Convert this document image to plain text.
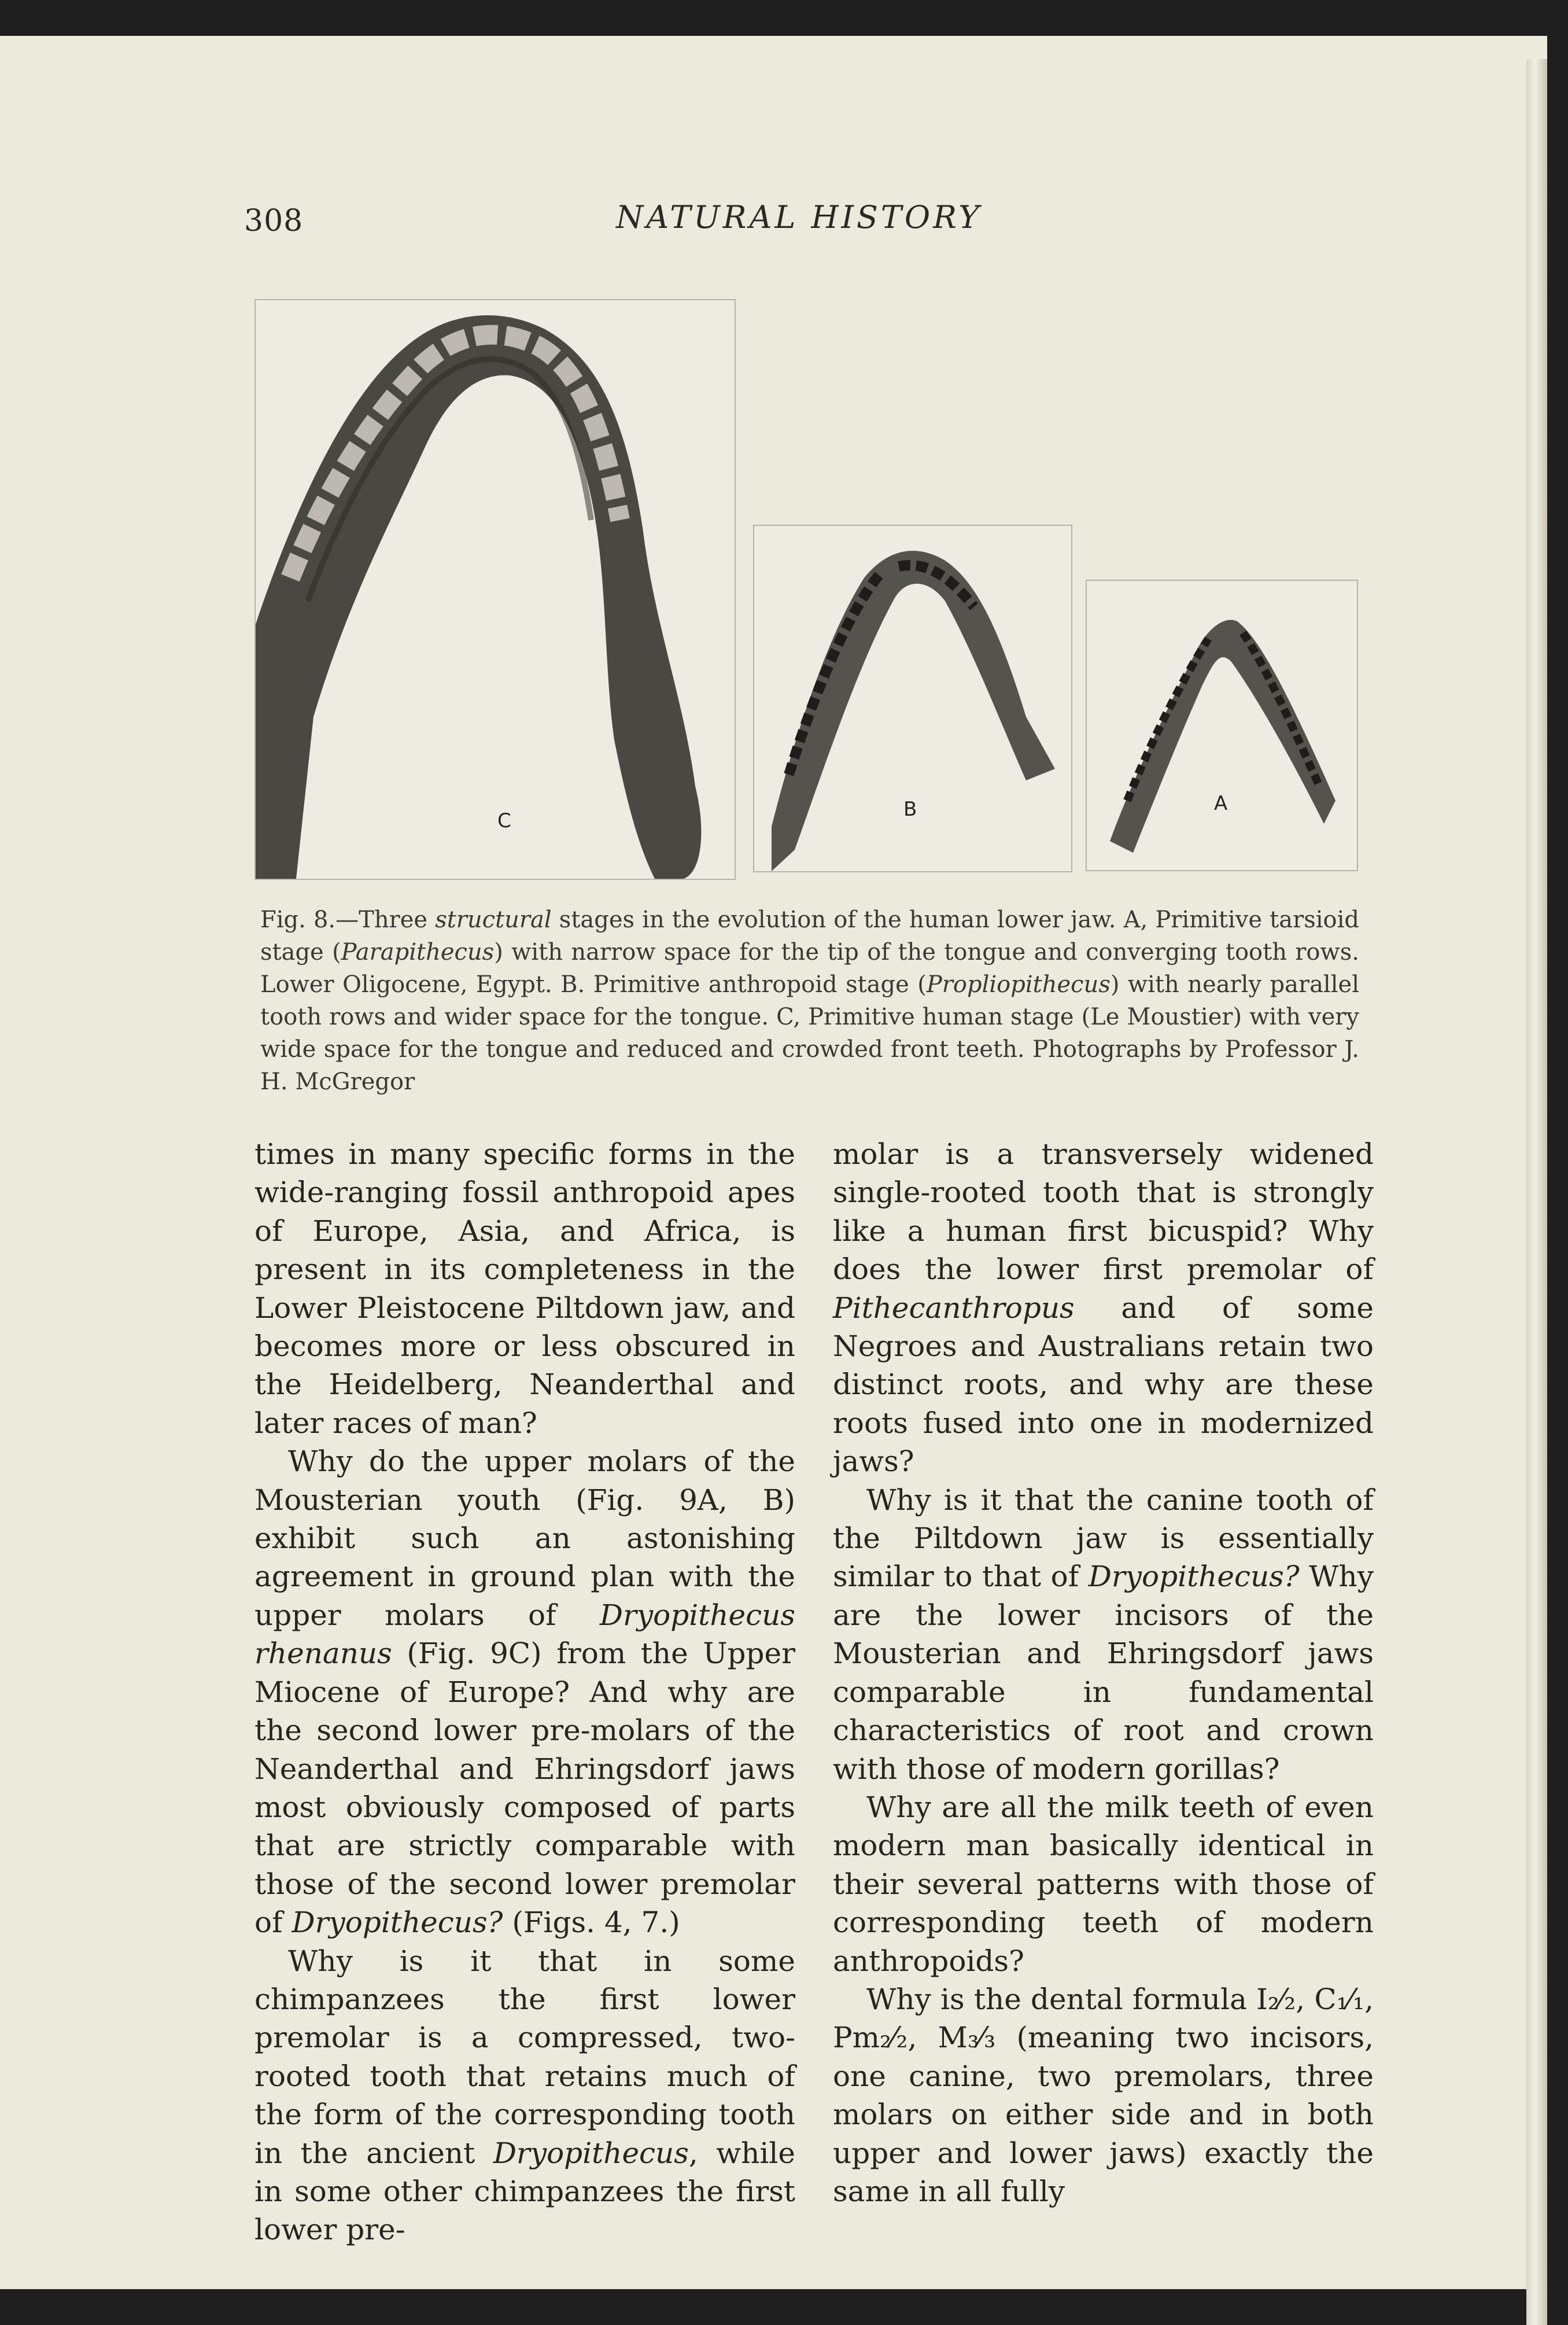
308	NATURAL HISTORY
C	B	A
Fig. 8.—Three structural stages in the evolution of the human lower jaw. A, Primitive tarsioid stage (Parapithecus) with narrow space for the tip of the tongue and converging tooth rows. Lower Oligocene, Egypt. B. Primitive anthropoid stage (Propliopithecus) with nearly parallel tooth rows and wider space for the tongue. C, Primitive human stage (Le Moustier) with very wide space for the tongue and reduced and crowded front teeth. Photographs by Professor J. H. McGregor

times in many specific forms in the wide-ranging fossil anthropoid apes of Europe, Asia, and Africa, is present in its completeness in the Lower Pleistocene Piltdown jaw, and becomes more or less obscured in the Heidelberg, Neanderthal and later races of man?

Why do the upper molars of the Mousterian youth (Fig. 9A, B) exhibit such an astonishing agreement in ground plan with the upper molars of Dryopithecus rhenanus (Fig. 9C) from the Upper Miocene of Europe? And why are the second lower pre-molars of the Neanderthal and Ehringsdorf jaws most obviously composed of parts that are strictly comparable with those of the second lower premolar of Dryopithecus? (Figs. 4, 7.)

Why is it that in some chimpanzees the first lower premolar is a compressed, two-rooted tooth that retains much of the form of the corresponding tooth in the ancient Dryopithecus, while in some other chimpanzees the first lower pre-

molar is a transversely widened single-rooted tooth that is strongly like a human first bicuspid? Why does the lower first premolar of Pithecanthropus and of some Negroes and Australians retain two distinct roots, and why are these roots fused into one in modernized jaws?

Why is it that the canine tooth of the Piltdown jaw is essentially similar to that of Dryopithecus? Why are the lower incisors of the Mousterian and Ehringsdorf jaws comparable in fundamental characteristics of root and crown with those of modern gorillas?

Why are all the milk teeth of even modern man basically identical in their several patterns with those of corresponding teeth of modern anthropoids?

Why is the dental formula I₂⁄₂, C₁⁄₁, Pm₂⁄₂, M₃⁄₃ (meaning two incisors, one canine, two premolars, three molars on either side and in both upper and lower jaws) exactly the same in all fully
